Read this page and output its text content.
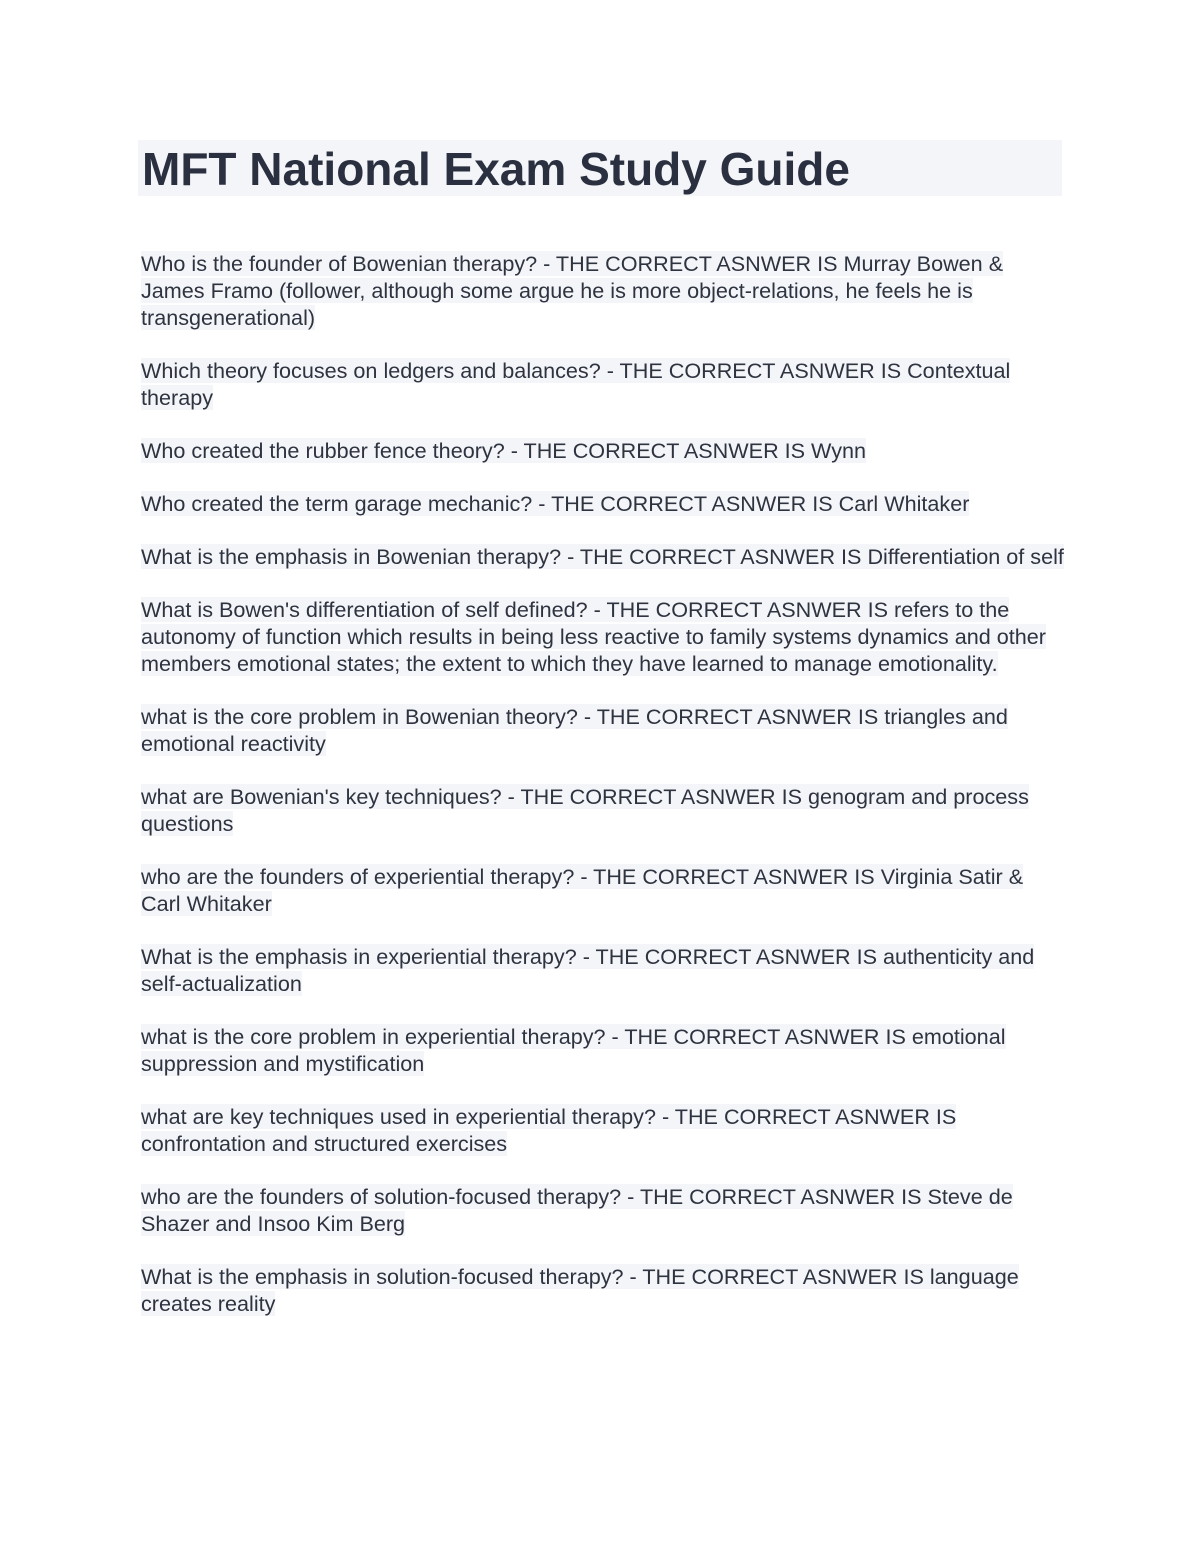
MFT National Exam Study Guide

Who is the founder of Bowenian therapy? - THE CORRECT ASNWER IS Murray Bowen & James Framo (follower, although some argue he is more object-relations, he feels he is transgenerational)

Which theory focuses on ledgers and balances? - THE CORRECT ASNWER IS Contextual therapy

Who created the rubber fence theory? - THE CORRECT ASNWER IS Wynn

Who created the term garage mechanic? - THE CORRECT ASNWER IS Carl Whitaker

What is the emphasis in Bowenian therapy? - THE CORRECT ASNWER IS Differentiation of self

What is Bowen's differentiation of self defined? - THE CORRECT ASNWER IS refers to the autonomy of function which results in being less reactive to family systems dynamics and other members emotional states; the extent to which they have learned to manage emotionality.

what is the core problem in Bowenian theory? - THE CORRECT ASNWER IS triangles and emotional reactivity

what are Bowenian's key techniques? - THE CORRECT ASNWER IS genogram and process questions

who are the founders of experiential therapy? - THE CORRECT ASNWER IS Virginia Satir & Carl Whitaker

What is the emphasis in experiential therapy? - THE CORRECT ASNWER IS authenticity and self-actualization

what is the core problem in experiential therapy? - THE CORRECT ASNWER IS emotional suppression and mystification

what are key techniques used in experiential therapy? - THE CORRECT ASNWER IS confrontation and structured exercises

who are the founders of solution-focused therapy? - THE CORRECT ASNWER IS Steve de Shazer and Insoo Kim Berg

What is the emphasis in solution-focused therapy? - THE CORRECT ASNWER IS language creates reality
